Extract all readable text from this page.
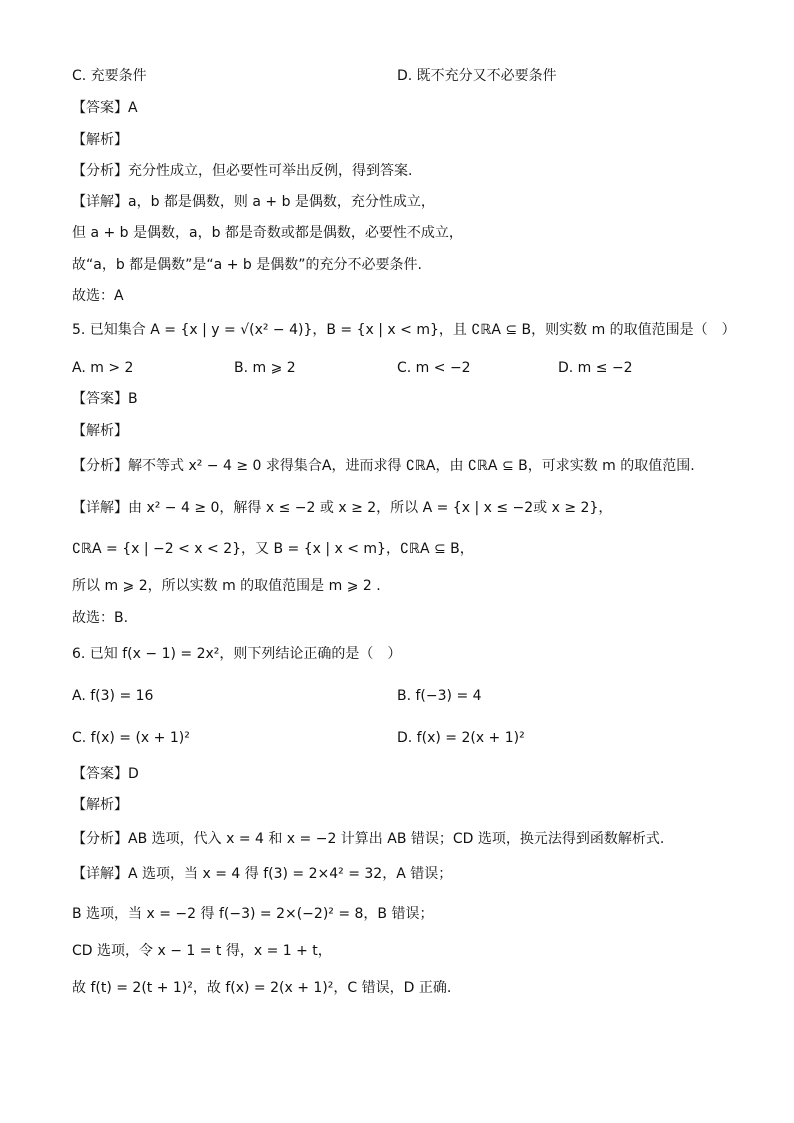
C. 充要条件	D. 既不充分又不必要条件
【答案】A
【解析】
【分析】充分性成立，但必要性可举出反例，得到答案.
【详解】a，b 都是偶数，则 a + b 是偶数，充分性成立，
但 a + b 是偶数，a，b 都是奇数或都是偶数，必要性不成立，
故“a，b 都是偶数”是“a + b 是偶数”的充分不必要条件.
故选：A
5. 已知集合 A = {x | y = √(x² − 4)}，B = {x | x < m}，且 ∁ℝA ⊆ B，则实数 m 的取值范围是（　）
A. m > 2	B. m ⩾ 2	C. m < −2	D. m ≤ −2
【答案】B
【解析】
【分析】解不等式 x² − 4 ≥ 0 求得集合A，进而求得 ∁ℝA，由 ∁ℝA ⊆ B，可求实数 m 的取值范围.
【详解】由 x² − 4 ≥ 0，解得 x ≤ −2 或 x ≥ 2，所以 A = {x | x ≤ −2或 x ≥ 2}，
∁ℝA = {x | −2 < x < 2}，又 B = {x | x < m}，∁ℝA ⊆ B，
所以 m ⩾ 2，所以实数 m 的取值范围是 m ⩾ 2 .
故选：B.
6. 已知 f(x − 1) = 2x²，则下列结论正确的是（　）
A. f(3) = 16	B. f(−3) = 4
C. f(x) = (x + 1)²	D. f(x) = 2(x + 1)²
【答案】D
【解析】
【分析】AB 选项，代入 x = 4 和 x = −2 计算出 AB 错误；CD 选项，换元法得到函数解析式.
【详解】A 选项，当 x = 4 得 f(3) = 2×4² = 32，A 错误；
B 选项，当 x = −2 得 f(−3) = 2×(−2)² = 8，B 错误；
CD 选项，令 x − 1 = t 得，x = 1 + t，
故 f(t) = 2(t + 1)²，故 f(x) = 2(x + 1)²，C 错误，D 正确.
